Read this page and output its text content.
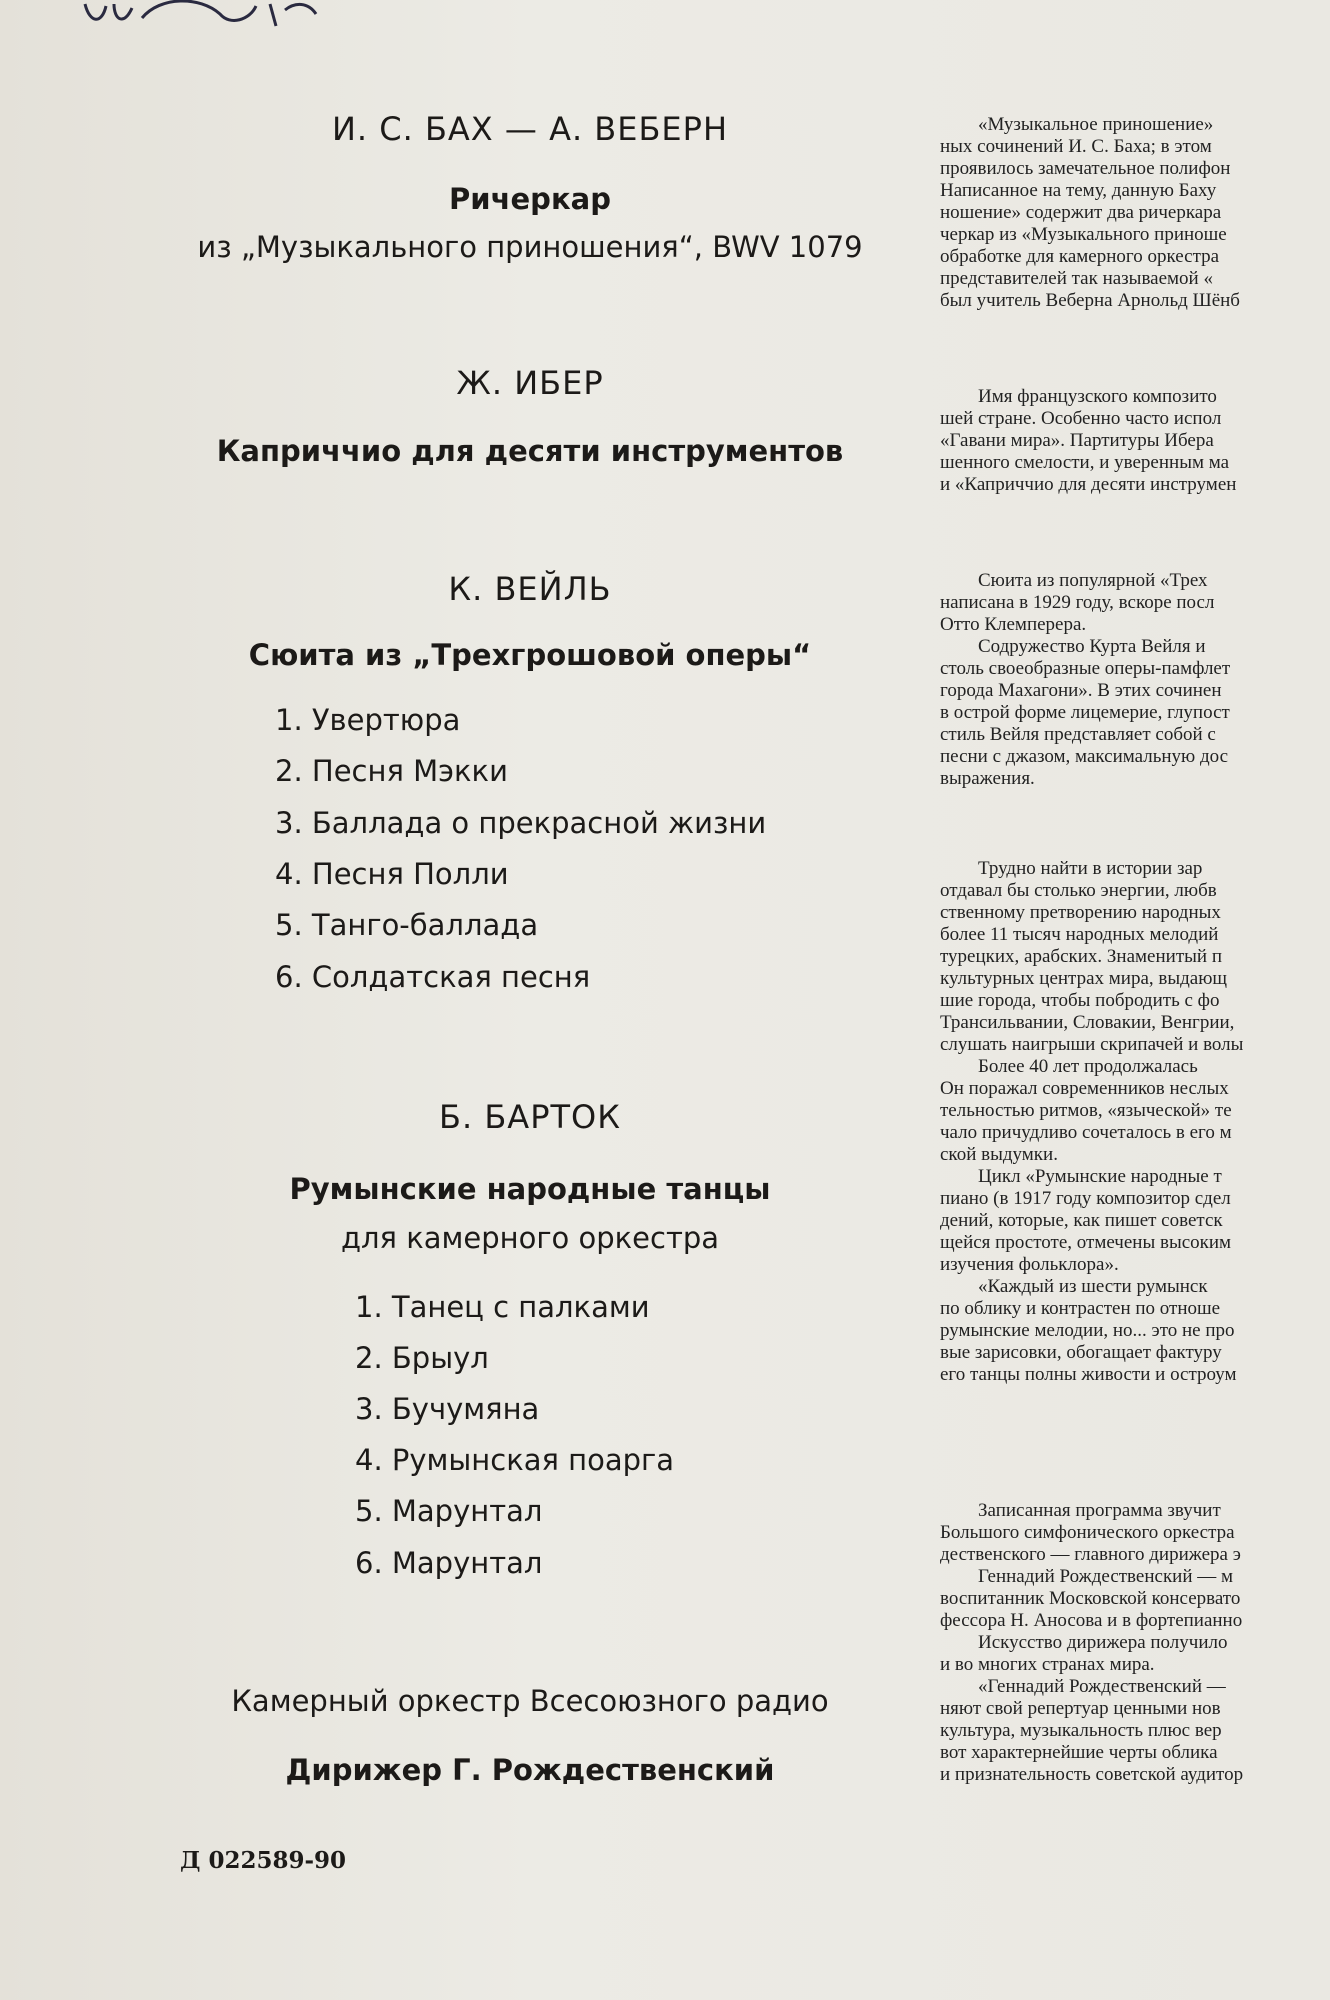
И. С. БАХ — А. ВЕБЕРН
Ричеркар
из „Музыкального приношения“, BWV 1079
Ж. ИБЕР
Каприччио для десяти инструментов
К. ВЕЙЛЬ
Сюита из „Трехгрошовой оперы“
1. Увертюра
2. Песня Мэкки
3. Баллада о прекрасной жизни
4. Песня Полли
5. Танго-баллада
6. Солдатская песня
Б. БАРТОК
Румынские народные танцы
для камерного оркестра
1. Танец с палками
2. Брыул
3. Бучумяна
4. Румынская поарга
5. Марунтал
6. Марунтал
Камерный оркестр Всесоюзного радио
Дирижер Г. Рождественский
Д 022589-90
«Музыкальное приношение»
ных сочинений И. С. Баха; в этом
проявилось замечательное полифон
Написанное на тему, данную Баху
ношение» содержит два ричеркара
черкар из «Музыкального приноше
обработке для камерного оркестра
представителей так называемой «
был учитель Веберна Арнольд Шёнб
Имя французского композито
шей стране. Особенно часто испол
«Гавани мира». Партитуры Ибера
шенного смелости, и уверенным ма
и «Каприччио для десяти инструмен
Сюита из популярной «Трех
написана в 1929 году, вскоре посл
Отто Клемперера.
Содружество Курта Вейля и
столь своеобразные оперы-памфлет
города Махагони». В этих сочинен
в острой форме лицемерие, глупост
стиль Вейля представляет собой с
песни с джазом, максимальную дос
выражения.
Трудно найти в истории зар
отдавал бы столько энергии, любв
ственному претворению народных
более 11 тысяч народных мелодий
турецких, арабских. Знаменитый п
культурных центрах мира, выдающ
шие города, чтобы побродить с фо
Трансильвании, Словакии, Венгрии,
слушать наигрыши скрипачей и волы
Более 40 лет продолжалась
Он поражал современников неслых
тельностью ритмов, «языческой» те
чало причудливо сочеталось в его м
ской выдумки.
Цикл «Румынские народные т
пиано (в 1917 году композитор сдел
дений, которые, как пишет советск
щейся простоте, отмечены высоким
изучения фольклора».
«Каждый из шести румынск
по облику и контрастен по отноше
румынские мелодии, но... это не про
вые зарисовки, обогащает фактуру
его танцы полны живости и остроум
Записанная программа звучит
Большого симфонического оркестра
дественского — главного дирижера э
Геннадий Рождественский — м
воспитанник Московской консервато
фессора Н. Аносова и в фортепианно
Искусство дирижера получило
и во многих странах мира.
«Геннадий Рождественский —
няют свой репертуар ценными нов
культура, музыкальность плюс вер
вот характернейшие черты облика
и признательность советской аудитор
